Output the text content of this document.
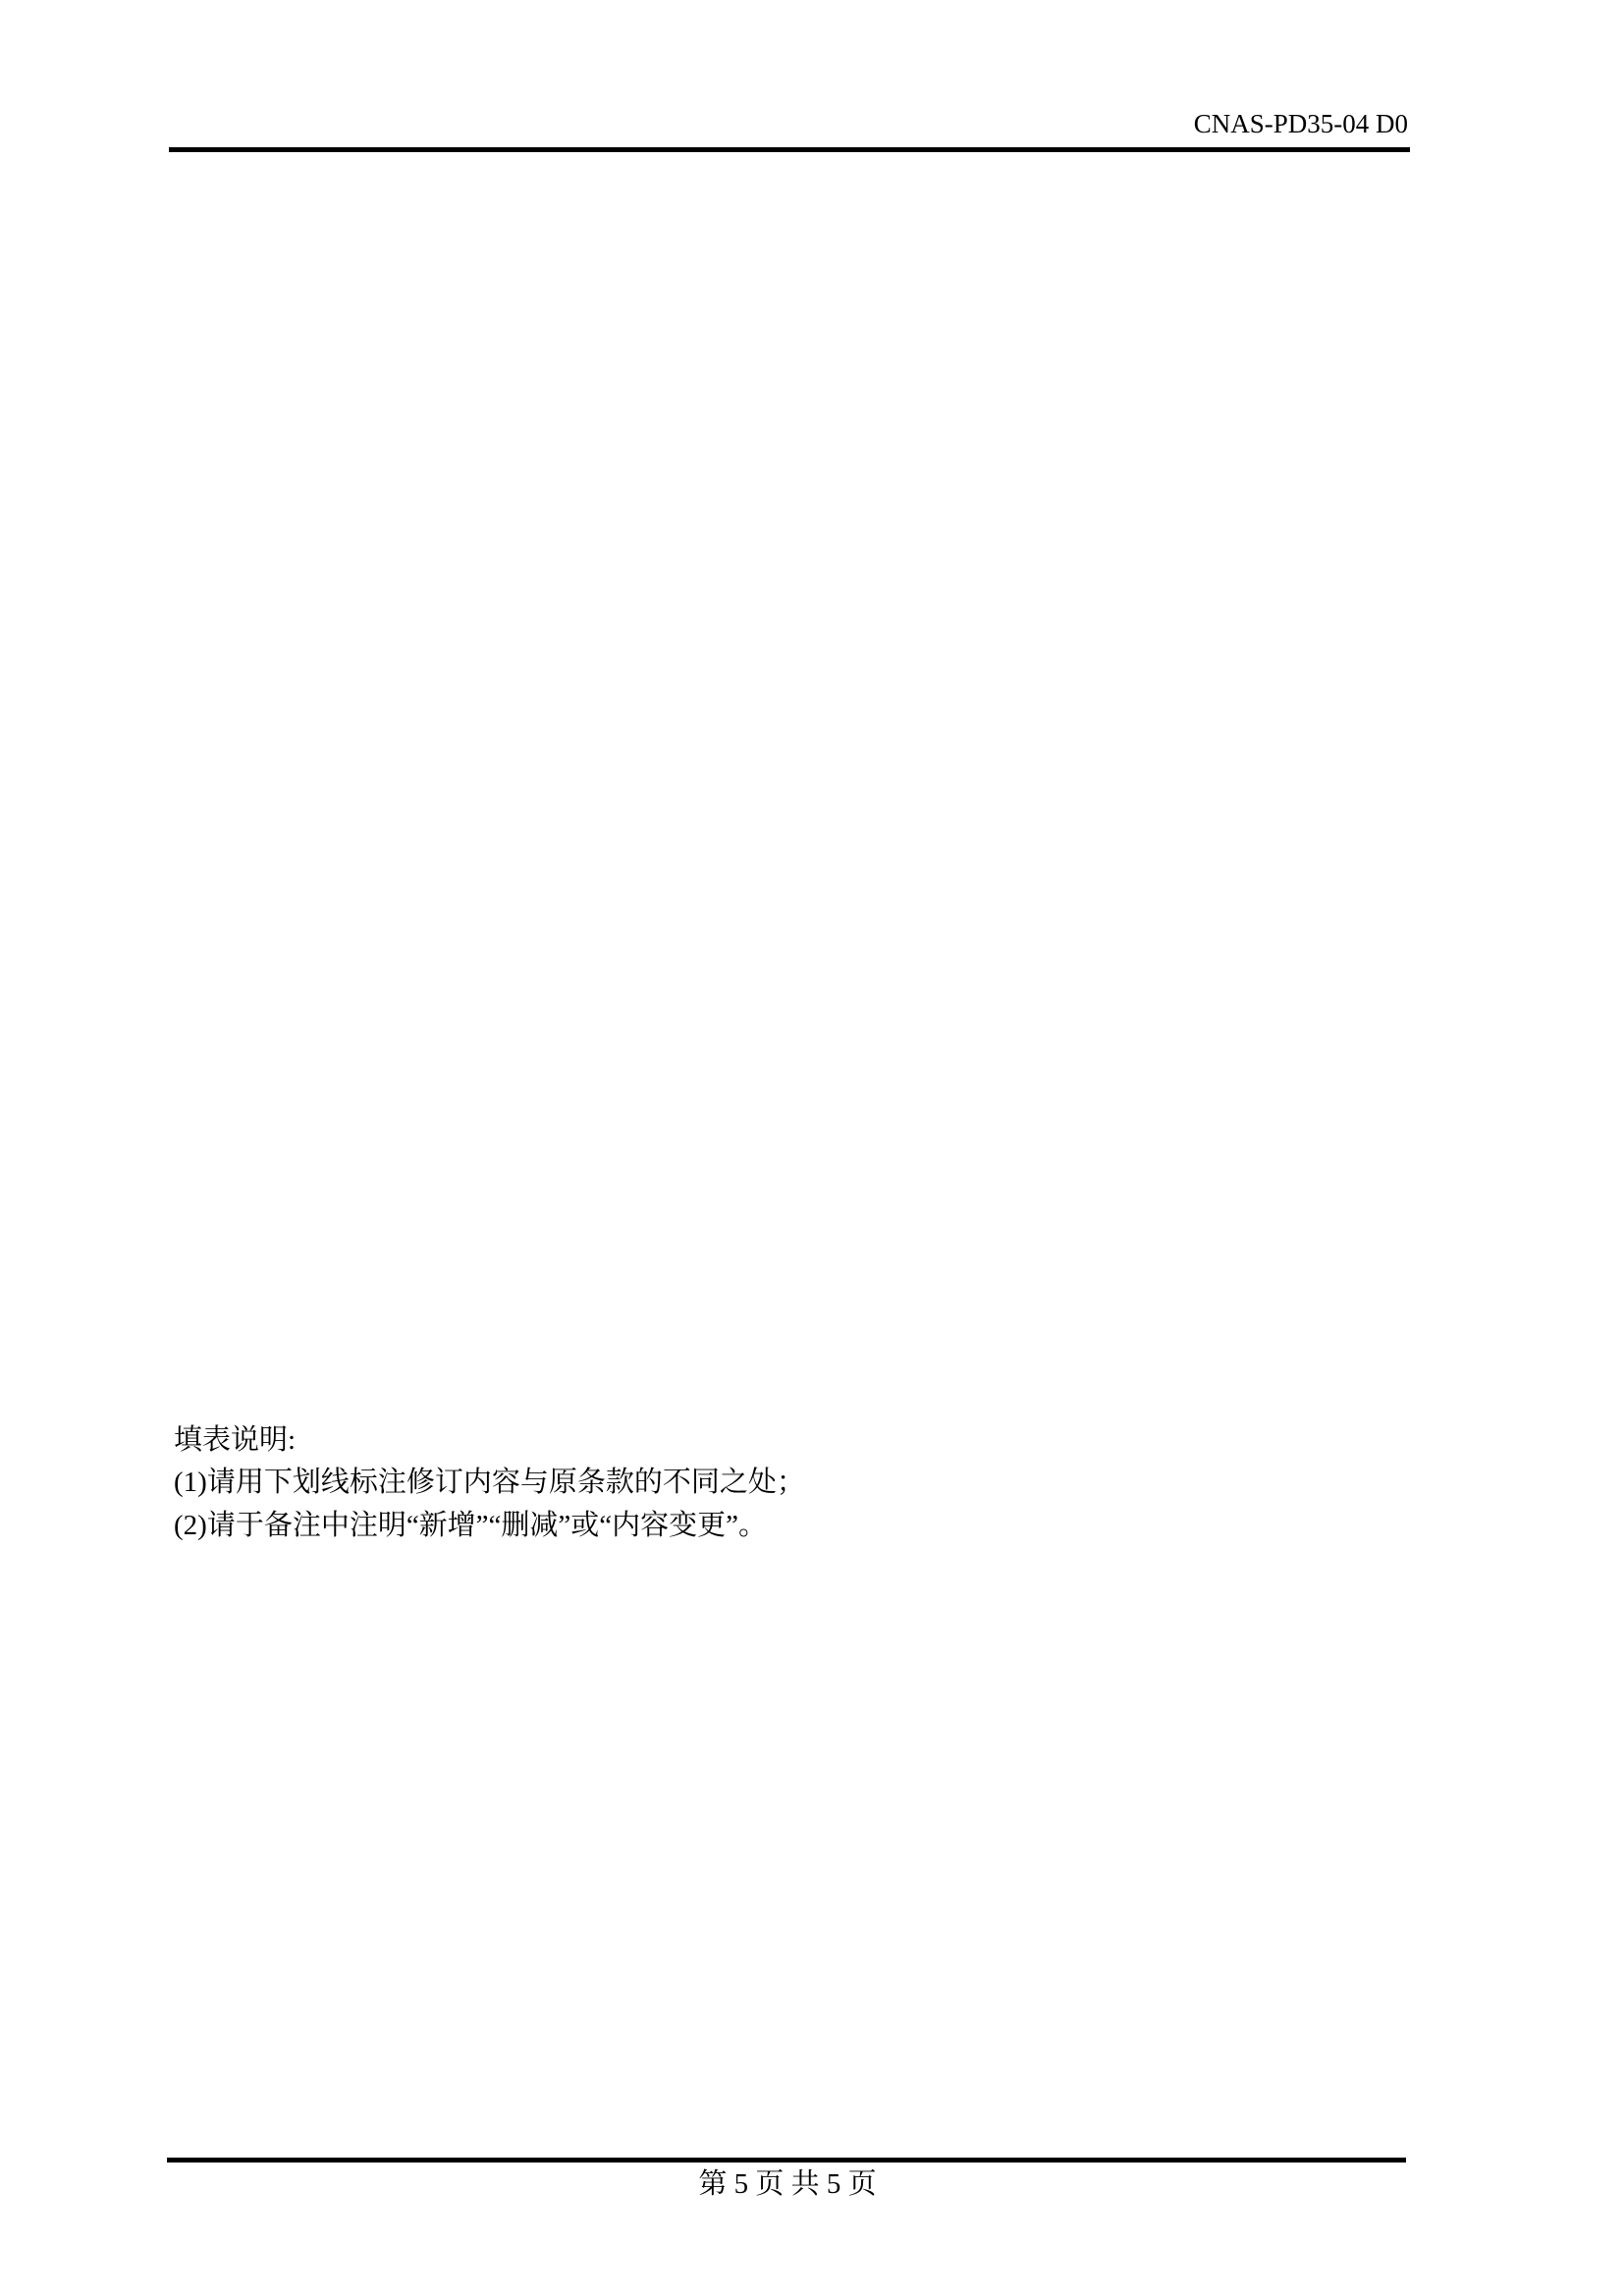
CNAS-PD35-04 D0
填表说明:
(1)请用下划线标注修订内容与原条款的不同之处；
(2)请于备注中注明“新增”“删减”或“内容变更”。
第 5 页 共 5 页
